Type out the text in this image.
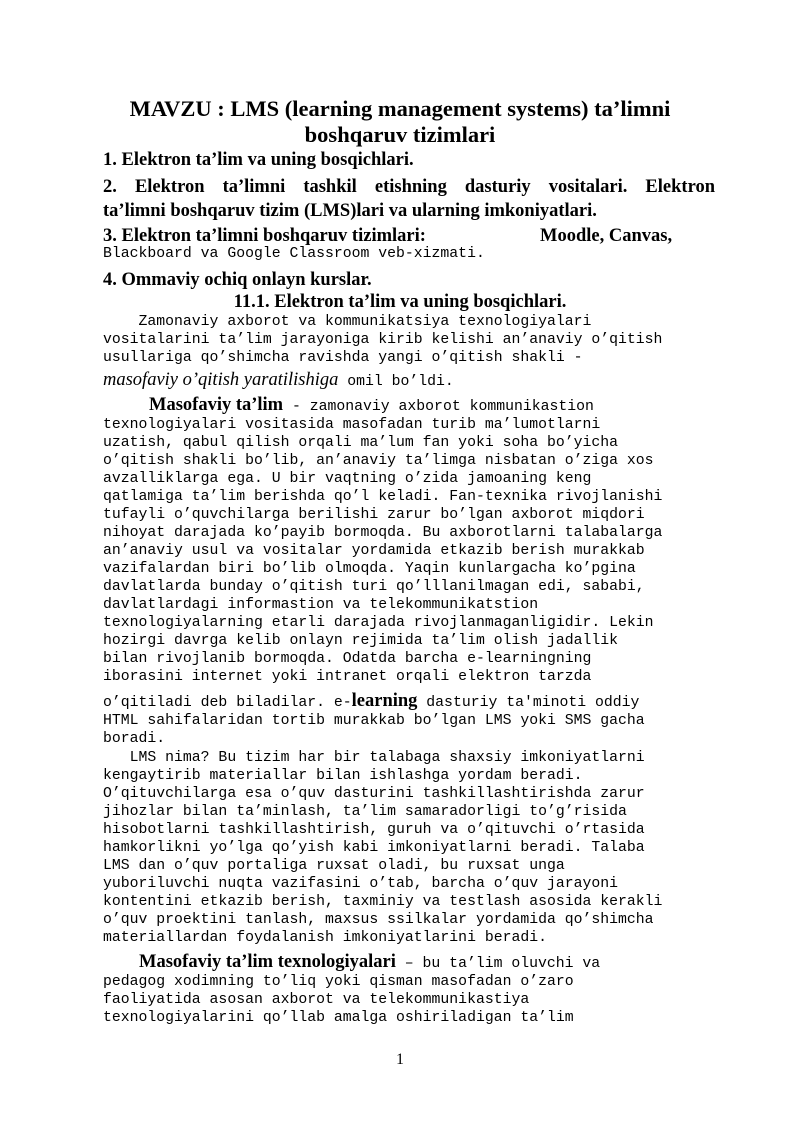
MAVZU : LMS (learning management systems) ta’limni
boshqaruv tizimlari
1. Elektron ta’lim va uning bosqichlari.
2. Elektron ta’limni tashkil etishning dasturiy vositalari. Elektron
ta’limni boshqaruv tizim (LMS)lari va ularning imkoniyatlari.
3. Elektron ta’limni boshqaruv tizimlari:	Moodle, Canvas,
Blackboard va Google Classroom veb-xizmati.
4. Ommaviy ochiq onlayn kurslar.
11.1. Elektron ta’lim va uning bosqichlari.
Zamonaviy axborot va kommunikatsiya texnologiyalari
vositalarini ta’lim jarayoniga kirib kelishi an’anaviy o’qitish
usullariga qo’shimcha ravishda yangi o’qitish shakli -
masofaviy o’qitish yaratilishiga omil bo’ldi.
Masofaviy ta’lim - zamonaviy axborot kommunikastion
texnologiyalari vositasida masofadan turib ma’lumotlarni
uzatish, qabul qilish orqali ma’lum fan yoki soha bo’yicha
o’qitish shakli bo’lib, an’anaviy ta’limga nisbatan o’ziga xos
avzalliklarga ega. U bir vaqtning o’zida jamoaning keng
qatlamiga ta’lim berishda qo’l keladi. Fan-texnika rivojlanishi
tufayli o’quvchilarga berilishi zarur bo’lgan axborot miqdori
nihoyat darajada ko’payib bormoqda. Bu axborotlarni talabalarga
an’anaviy usul va vositalar yordamida etkazib berish murakkab
vazifalardan biri bo’lib olmoqda. Yaqin kunlargacha ko’pgina
davlatlarda bunday o’qitish turi qo’lllanilmagan edi, sababi,
davlatlardagi informastion va telekommunikatstion
texnologiyalarning etarli darajada rivojlanmaganligidir. Lekin
hozirgi davrga kelib onlayn rejimida ta’lim olish jadallik
bilan rivojlanib bormoqda. Odatda barcha e-learningning
iborasini internet yoki intranet orqali elektron tarzda
o’qitiladi deb biladilar. e-learning dasturiy ta'minoti oddiy
HTML sahifalaridan tortib murakkab bo’lgan LMS yoki SMS gacha
boradi.
LMS nima? Bu tizim har bir talabaga shaxsiy imkoniyatlarni
kengaytirib materiallar bilan ishlashga yordam beradi.
O’qituvchilarga esa o’quv dasturini tashkillashtirishda zarur
jihozlar bilan ta’minlash, ta’lim samaradorligi to’g’risida
hisobotlarni tashkillashtirish, guruh va o’qituvchi o’rtasida
hamkorlikni yo’lga qo’yish kabi imkoniyatlarni beradi. Talaba
LMS dan o’quv portaliga ruxsat oladi, bu ruxsat unga
yuboriluvchi nuqta vazifasini o’tab, barcha o’quv jarayoni
kontentini etkazib berish, taxminiy va testlash asosida kerakli
o’quv proektini tanlash, maxsus ssilkalar yordamida qo’shimcha
materiallardan foydalanish imkoniyatlarini beradi.
Masofaviy ta’lim texnologiyalari – bu ta’lim oluvchi va
pedagog xodimning to’liq yoki qisman masofadan o’zaro
faoliyatida asosan axborot va telekommunikastiya
texnologiyalarini qo’llab amalga oshiriladigan ta’lim
1
